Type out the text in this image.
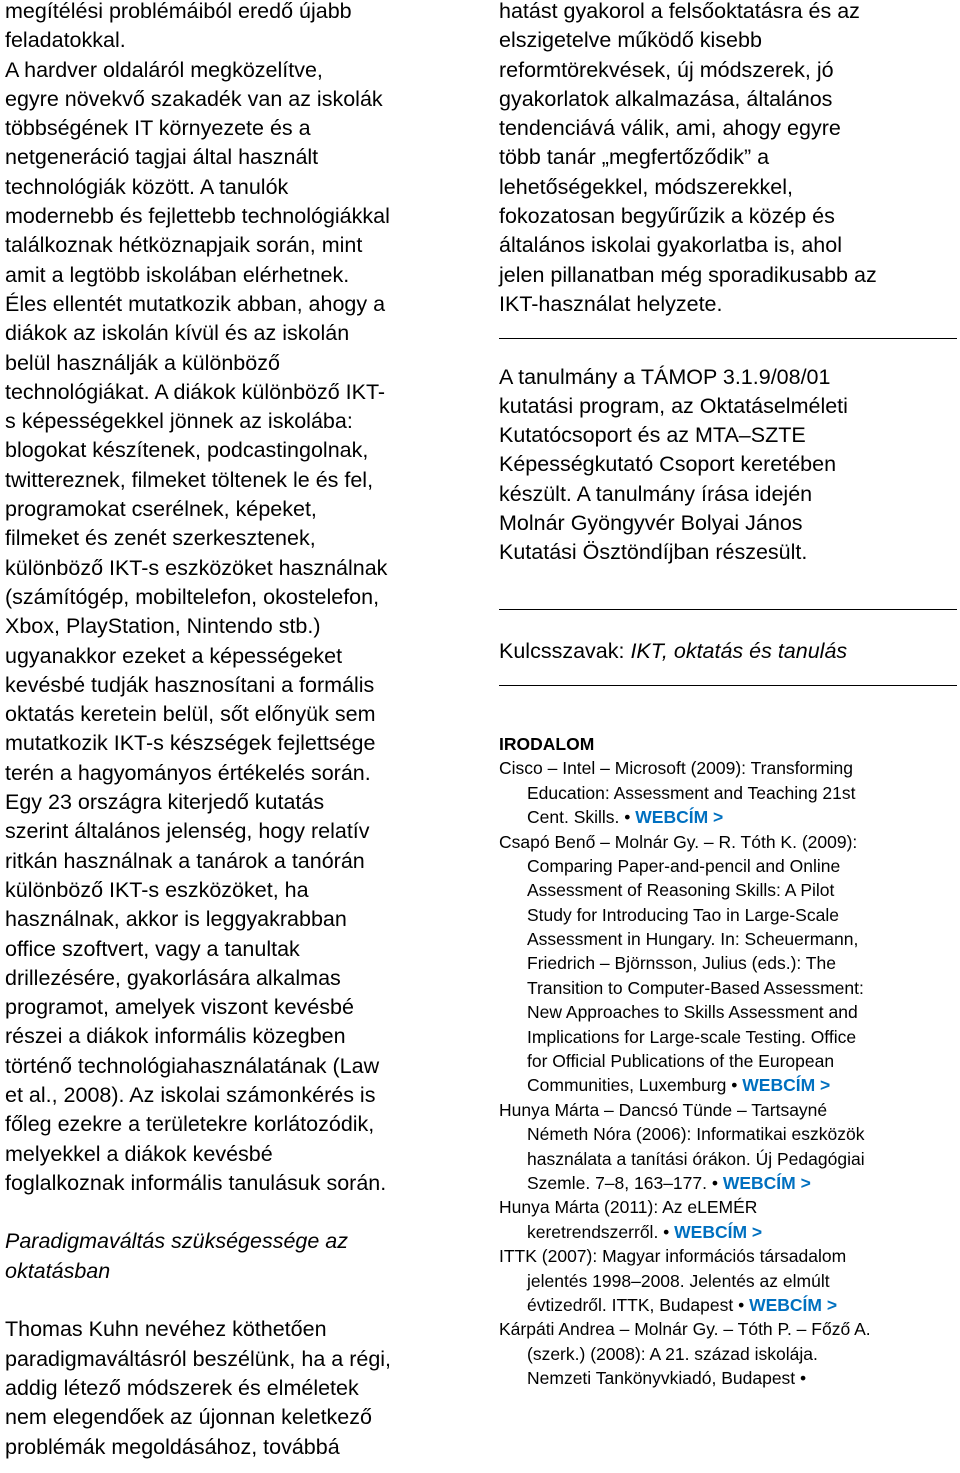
megítélési problémáiból eredő újabb
feladatokkal.
A hardver oldaláról megközelítve,
egyre növekvő szakadék van az iskolák
többségének IT környezete és a
netgeneráció tagjai által használt
technológiák között. A tanulók
modernebb és fejlettebb technológiákkal
találkoznak hétköznapjaik során, mint
amit a legtöbb iskolában elérhetnek.
Éles ellentét mutatkozik abban, ahogy a
diákok az iskolán kívül és az iskolán
belül használják a különböző
technológiákat. A diákok különböző IKT-
s képességekkel jönnek az iskolába:
blogokat készítenek, podcastingolnak,
twittereznek, filmeket töltenek le és fel,
programokat cserélnek, képeket,
filmeket és zenét szerkesztenek,
különböző IKT-s eszközöket használnak
(számítógép, mobiltelefon, okostelefon,
Xbox, PlayStation, Nintendo stb.)
ugyanakkor ezeket a képességeket
kevésbé tudják hasznosítani a formális
oktatás keretein belül, sőt előnyük sem
mutatkozik IKT-s készségek fejlettsége
terén a hagyományos értékelés során.
Egy 23 országra kiterjedő kutatás
szerint általános jelenség, hogy relatív
ritkán használnak a tanárok a tanórán
különböző IKT-s eszközöket, ha
használnak, akkor is leggyakrabban
office szoftvert, vagy a tanultak
drillezésére, gyakorlására alkalmas
programot, amelyek viszont kevésbé
részei a diákok informális közegben
történő technológiahasználatának (Law
et al., 2008). Az iskolai számonkérés is
főleg ezekre a területekre korlátozódik,
melyekkel a diákok kevésbé
foglalkoznak informális tanulásuk során.
Paradigmaváltás szükségessége az
oktatásban
Thomas Kuhn nevéhez köthetően
paradigmaváltásról beszélünk, ha a régi,
addig létező módszerek és elméletek
nem elegendőek az újonnan keletkező
problémák megoldásához, továbbá
hatást gyakorol a felsőoktatásra és az
elszigetelve működő kisebb
reformtörekvések, új módszerek, jó
gyakorlatok alkalmazása, általános
tendenciává válik, ami, ahogy egyre
több tanár „megfertőződik” a
lehetőségekkel, módszerekkel,
fokozatosan begyűrűzik a közép és
általános iskolai gyakorlatba is, ahol
jelen pillanatban még sporadikusabb az
IKT-használat helyzete.
A tanulmány a TÁMOP 3.1.9/08/01
kutatási program, az Oktatáselméleti
Kutatócsoport és az MTA–SZTE
Képességkutató Csoport keretében
készült. A tanulmány írása idején
Molnár Gyöngyvér Bolyai János
Kutatási Ösztöndíjban részesült.
Kulcsszavak: IKT, oktatás és tanulás
IRODALOM
Cisco – Intel – Microsoft (2009): Transforming
Education: Assessment and Teaching 21st
Cent. Skills. • WEBCÍM >
Csapó Benő – Molnár Gy. – R. Tóth K. (2009):
Comparing Paper-and-pencil and Online
Assessment of Reasoning Skills: A Pilot
Study for Introducing Tao in Large-Scale
Assessment in Hungary. In: Scheuermann,
Friedrich – Björnsson, Julius (eds.): The
Transition to Computer-Based Assessment:
New Approaches to Skills Assessment and
Implications for Large-scale Testing. Office
for Official Publications of the European
Communities, Luxemburg • WEBCÍM >
Hunya Márta – Dancsó Tünde – Tartsayné
Németh Nóra (2006): Informatikai eszközök
használata a tanítási órákon. Új Pedagógiai
Szemle. 7–8, 163–177. • WEBCÍM >
Hunya Márta (2011): Az eLEMÉR
keretrendszerről. • WEBCÍM >
ITTK (2007): Magyar információs társadalom
jelentés 1998–2008. Jelentés az elmúlt
évtizedről. ITTK, Budapest • WEBCÍM >
Kárpáti Andrea – Molnár Gy. – Tóth P. – Főző A.
(szerk.) (2008): A 21. század iskolája.
Nemzeti Tankönyvkiadó, Budapest •
